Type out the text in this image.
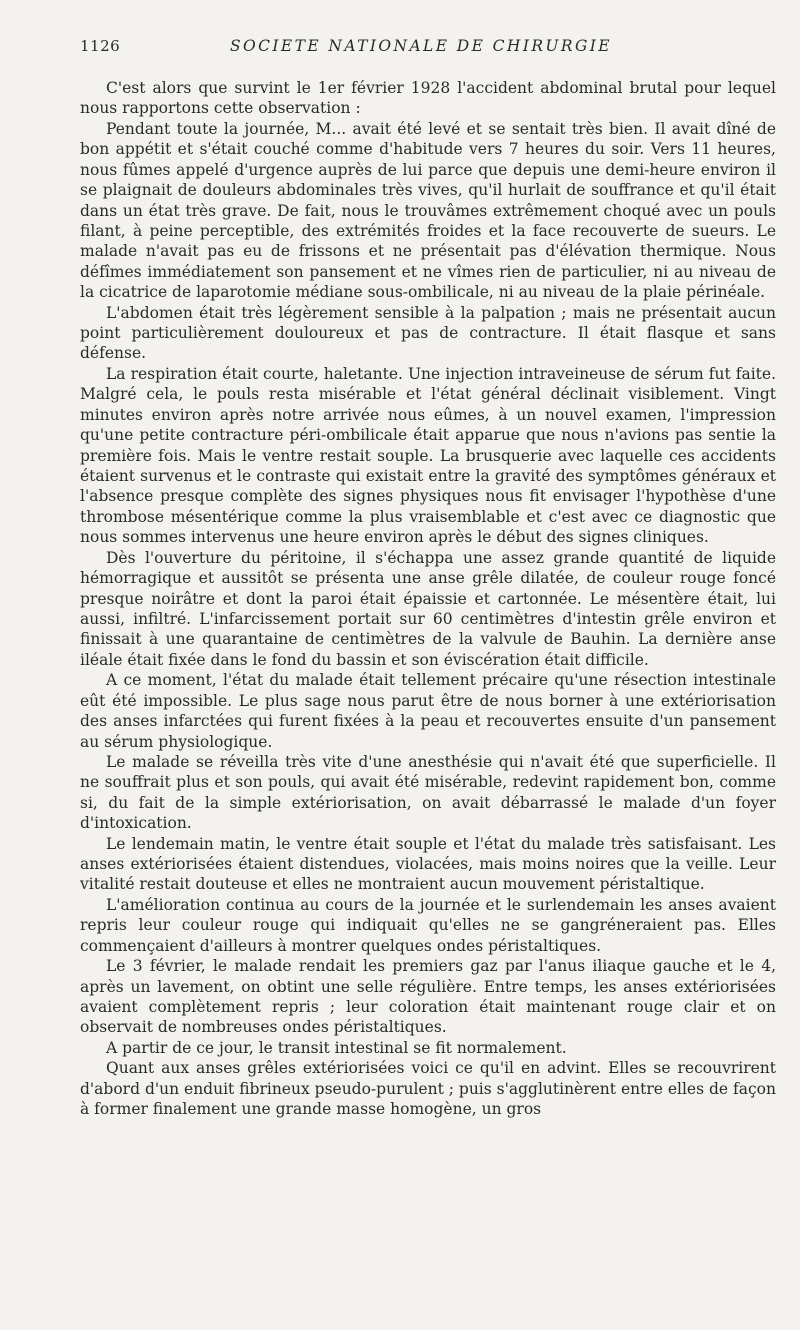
1126	SOCIETE NATIONALE DE CHIRURGIE

C'est alors que survint le 1er février 1928 l'accident abdominal brutal pour lequel nous rapportons cette observation :

Pendant toute la journée, M... avait été levé et se sentait très bien. Il avait dîné de bon appétit et s'était couché comme d'habitude vers 7 heures du soir. Vers 11 heures, nous fûmes appelé d'urgence auprès de lui parce que depuis une demi-heure environ il se plaignait de douleurs abdominales très vives, qu'il hurlait de souffrance et qu'il était dans un état très grave. De fait, nous le trouvâmes extrêmement choqué avec un pouls filant, à peine perceptible, des extrémités froides et la face recouverte de sueurs. Le malade n'avait pas eu de frissons et ne présentait pas d'élévation thermique. Nous défîmes immédiatement son pansement et ne vîmes rien de particulier, ni au niveau de la cicatrice de laparotomie médiane sous-ombilicale, ni au niveau de la plaie périnéale.

L'abdomen était très légèrement sensible à la palpation ; mais ne présentait aucun point particulièrement douloureux et pas de contracture. Il était flasque et sans défense.

La respiration était courte, haletante. Une injection intraveineuse de sérum fut faite. Malgré cela, le pouls resta misérable et l'état général déclinait visiblement. Vingt minutes environ après notre arrivée nous eûmes, à un nouvel examen, l'impression qu'une petite contracture péri-ombilicale était apparue que nous n'avions pas sentie la première fois. Mais le ventre restait souple. La brusquerie avec laquelle ces accidents étaient survenus et le contraste qui existait entre la gravité des symptômes généraux et l'absence presque complète des signes physiques nous fit envisager l'hypothèse d'une thrombose mésentérique comme la plus vraisemblable et c'est avec ce diagnostic que nous sommes intervenus une heure environ après le début des signes cliniques.

Dès l'ouverture du péritoine, il s'échappa une assez grande quantité de liquide hémorragique et aussitôt se présenta une anse grêle dilatée, de couleur rouge foncé presque noirâtre et dont la paroi était épaissie et cartonnée. Le mésentère était, lui aussi, infiltré. L'infarcissement portait sur 60 centimètres d'intestin grêle environ et finissait à une quarantaine de centimètres de la valvule de Bauhin. La dernière anse iléale était fixée dans le fond du bassin et son éviscération était difficile.

A ce moment, l'état du malade était tellement précaire qu'une résection intestinale eût été impossible. Le plus sage nous parut être de nous borner à une extériorisation des anses infarctées qui furent fixées à la peau et recouvertes ensuite d'un pansement au sérum physiologique.

Le malade se réveilla très vite d'une anesthésie qui n'avait été que superficielle. Il ne souffrait plus et son pouls, qui avait été misérable, redevint rapidement bon, comme si, du fait de la simple extériorisation, on avait débarrassé le malade d'un foyer d'intoxication.

Le lendemain matin, le ventre était souple et l'état du malade très satisfaisant. Les anses extériorisées étaient distendues, violacées, mais moins noires que la veille. Leur vitalité restait douteuse et elles ne montraient aucun mouvement péristaltique.

L'amélioration continua au cours de la journée et le surlendemain les anses avaient repris leur couleur rouge qui indiquait qu'elles ne se gangréneraient pas. Elles commençaient d'ailleurs à montrer quelques ondes péristaltiques.

Le 3 février, le malade rendait les premiers gaz par l'anus iliaque gauche et le 4, après un lavement, on obtint une selle régulière. Entre temps, les anses extériorisées avaient complètement repris ; leur coloration était maintenant rouge clair et on observait de nombreuses ondes péristaltiques.

A partir de ce jour, le transit intestinal se fit normalement.

Quant aux anses grêles extériorisées voici ce qu'il en advint. Elles se recouvrirent d'abord d'un enduit fibrineux pseudo-purulent ; puis s'agglutinèrent entre elles de façon à former finalement une grande masse homogène, un gros
